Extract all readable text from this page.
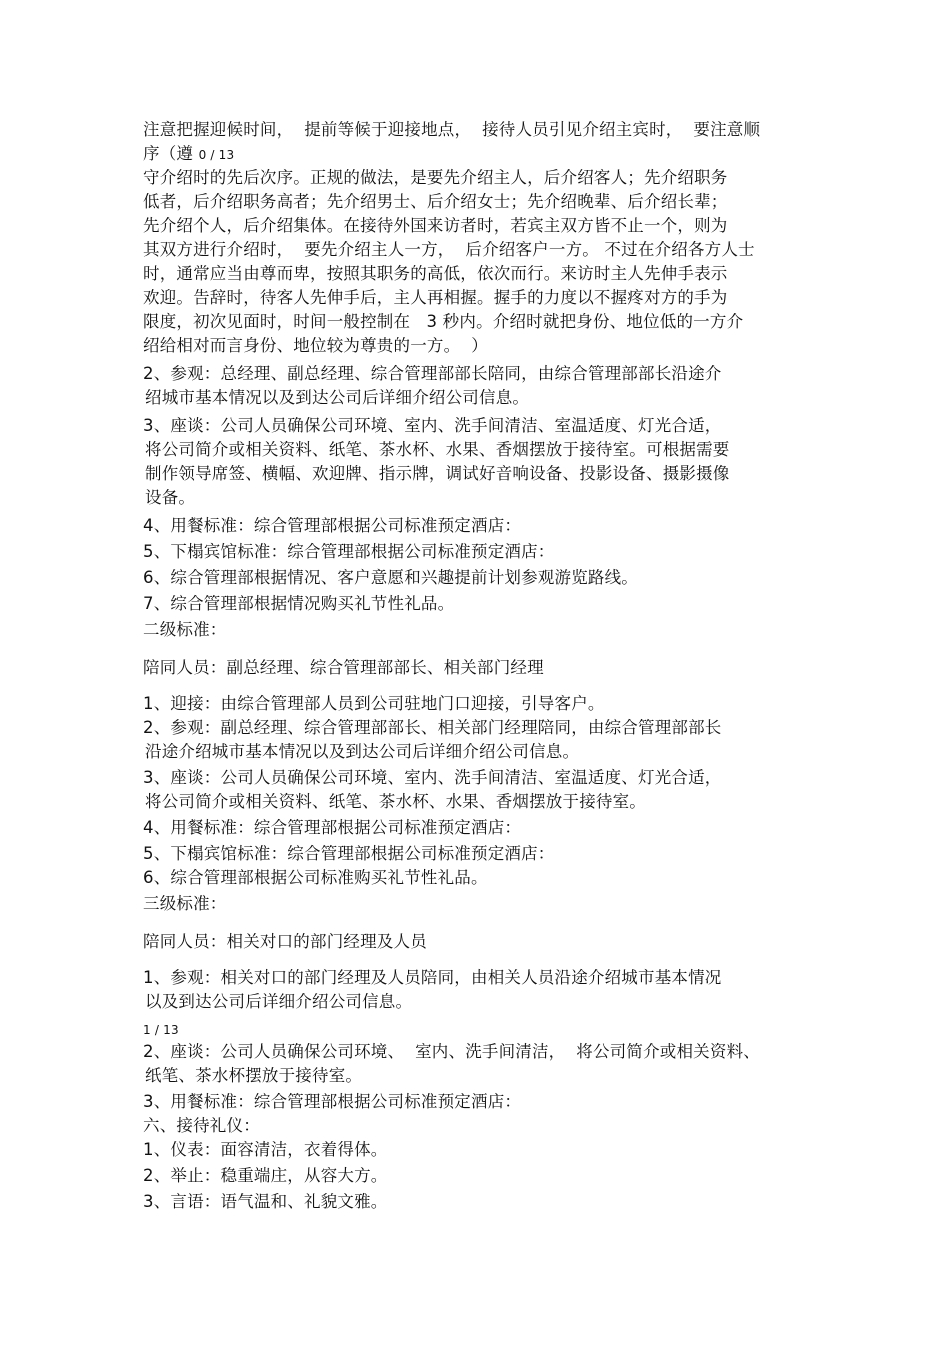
注意把握迎候时间，  提前等候于迎接地点，  接待人员引见介绍主宾时，  要注意顺
序（遵 0 / 13
守介绍时的先后次序。正规的做法，是要先介绍主人，后介绍客人；先介绍职务
低者，后介绍职务高者；先介绍男士、后介绍女士；先介绍晚辈、后介绍长辈；
先介绍个人，后介绍集体。在接待外国来访者时，若宾主双方皆不止一个，则为
其双方进行介绍时，  要先介绍主人一方，  后介绍客户一方。 不过在介绍各方人士
时，通常应当由尊而卑，按照其职务的高低，依次而行。来访时主人先伸手表示
欢迎。告辞时，待客人先伸手后，主人再相握。握手的力度以不握疼对方的手为
限度，初次见面时，时间一般控制在   3 秒内。介绍时就把身份、地位低的一方介
绍给相对而言身份、地位较为尊贵的一方。  ）
2、参观：总经理、副总经理、综合管理部部长陪同，由综合管理部部长沿途介
绍城市基本情况以及到达公司后详细介绍公司信息。
3、座谈：公司人员确保公司环境、室内、洗手间清洁、室温适度、灯光合适，
将公司简介或相关资料、纸笔、茶水杯、水果、香烟摆放于接待室。可根据需要
制作领导席签、横幅、欢迎牌、指示牌，调试好音响设备、投影设备、摄影摄像
设备。
4、用餐标准：综合管理部根据公司标准预定酒店：
5、下榻宾馆标准：综合管理部根据公司标准预定酒店：
6、综合管理部根据情况、客户意愿和兴趣提前计划参观游览路线。
7、综合管理部根据情况购买礼节性礼品。
二级标准：
陪同人员：副总经理、综合管理部部长、相关部门经理
1、迎接：由综合管理部人员到公司驻地门口迎接，引导客户。
2、参观：副总经理、综合管理部部长、相关部门经理陪同，由综合管理部部长
沿途介绍城市基本情况以及到达公司后详细介绍公司信息。
3、座谈：公司人员确保公司环境、室内、洗手间清洁、室温适度、灯光合适，
将公司简介或相关资料、纸笔、茶水杯、水果、香烟摆放于接待室。
4、用餐标准：综合管理部根据公司标准预定酒店：
5、下榻宾馆标准：综合管理部根据公司标准预定酒店：
6、综合管理部根据公司标准购买礼节性礼品。
三级标准：
陪同人员：相关对口的部门经理及人员
1、参观：相关对口的部门经理及人员陪同，由相关人员沿途介绍城市基本情况
以及到达公司后详细介绍公司信息。
1 / 13
2、座谈：公司人员确保公司环境、  室内、洗手间清洁，  将公司简介或相关资料、
纸笔、茶水杯摆放于接待室。
3、用餐标准：综合管理部根据公司标准预定酒店：
六、接待礼仪：
1、仪表：面容清洁，衣着得体。
2、举止：稳重端庄，从容大方。
3、言语：语气温和、礼貌文雅。
